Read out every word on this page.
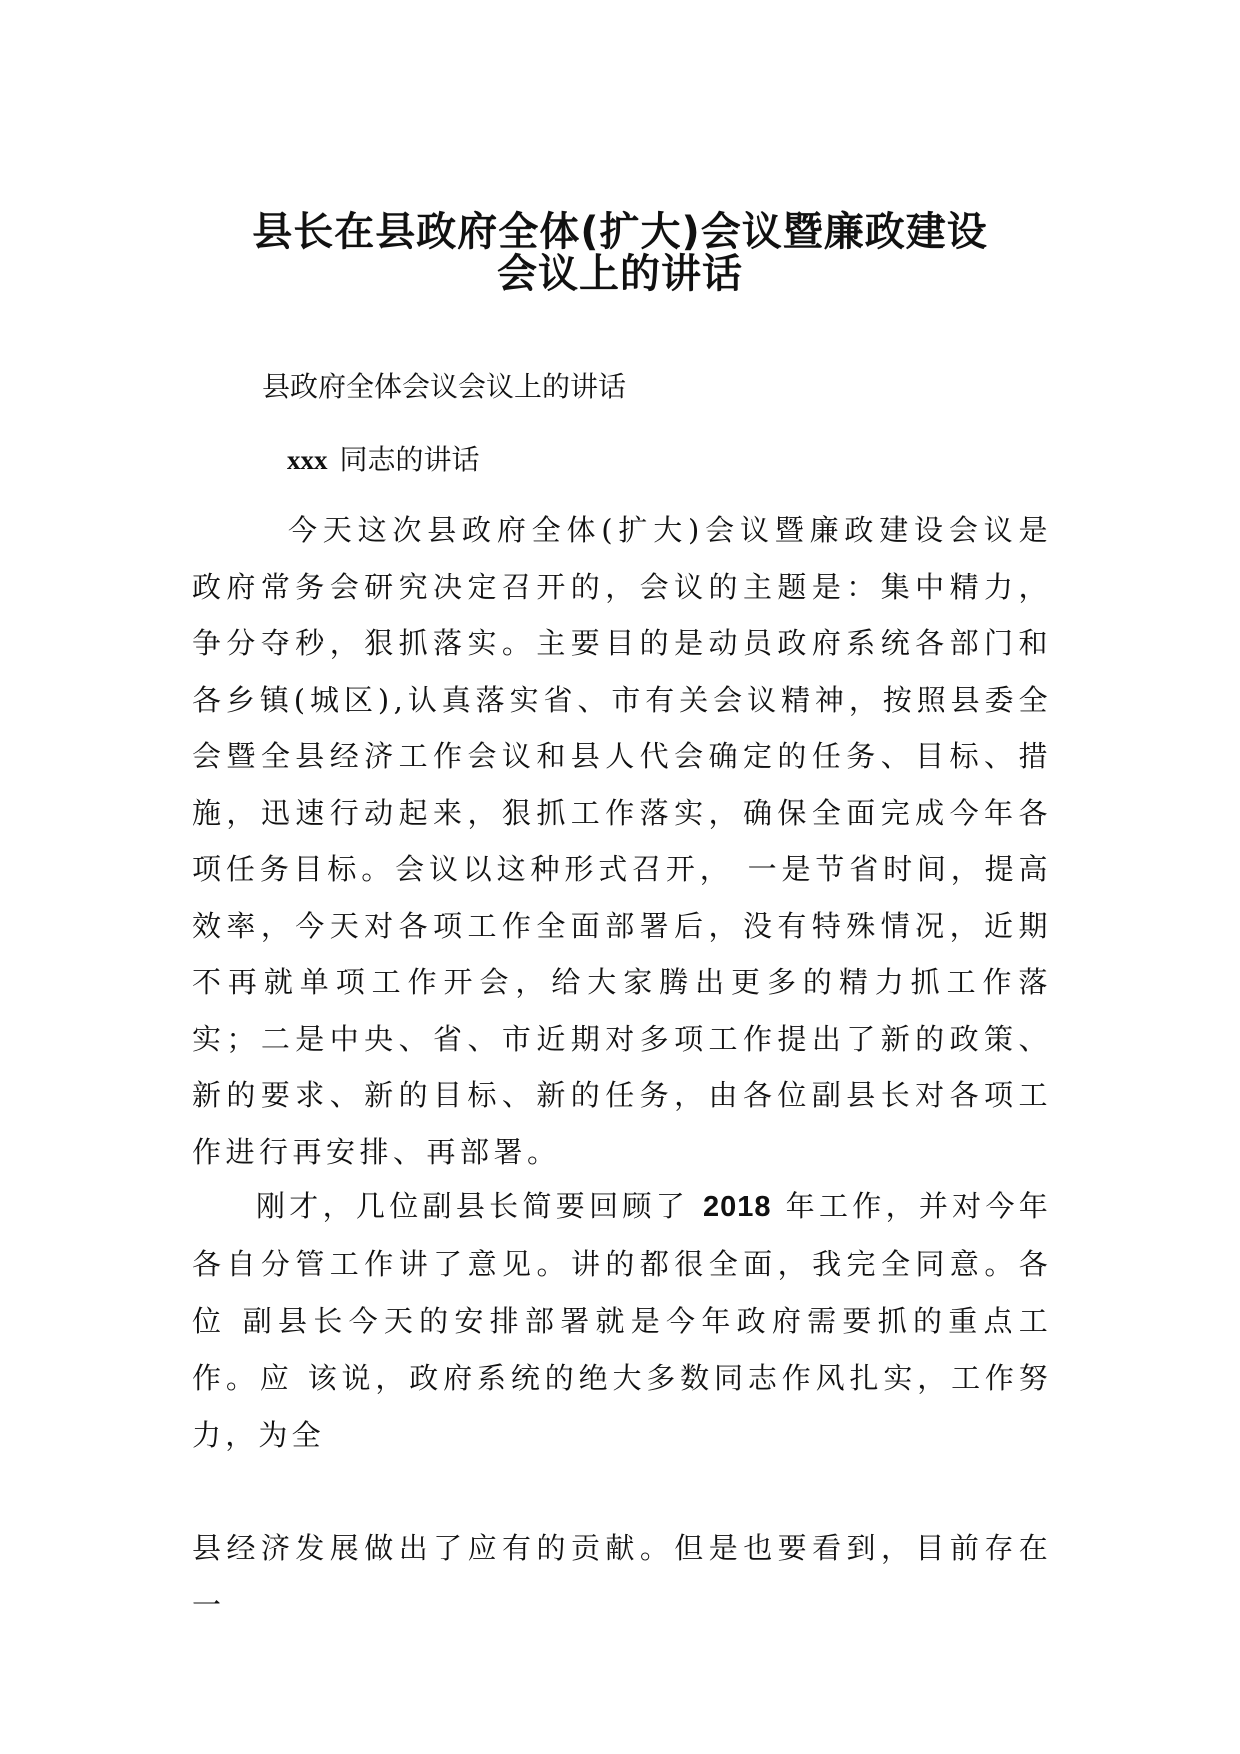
县长在县政府全体(扩大)会议暨廉政建设
会议上的讲话

县政府全体会议会议上的讲话

xxx 同志的讲话

今天这次县政府全体(扩大)会议暨廉政建设会议是政府常务会研究决定召开的，会议的主题是：集中精力，争分夺秒，狠抓落实。主要目的是动员政府系统各部门和各乡镇(城区),认真落实省、市有关会议精神，按照县委全会暨全县经济工作会议和县人代会确定的任务、目标、措施，迅速行动起来，狠抓工作落实，确保全面完成今年各项任务目标。会议以这种形式召开， 一是节省时间，提高效率，今天对各项工作全面部署后，没有特殊情况，近期不再就单项工作开会，给大家腾出更多的精力抓工作落实；二是中央、省、市近期对多项工作提出了新的政策、新的要求、新的目标、新的任务，由各位副县长对各项工作进行再安排、再部署。

刚才，几位副县长简要回顾了 2018 年工作，并对今年 各自分管工作讲了意见。讲的都很全面，我完全同意。各位 副县长今天的安排部署就是今年政府需要抓的重点工作。应 该说，政府系统的绝大多数同志作风扎实，工作努力，为全

县经济发展做出了应有的贡献。但是也要看到，目前存在一
